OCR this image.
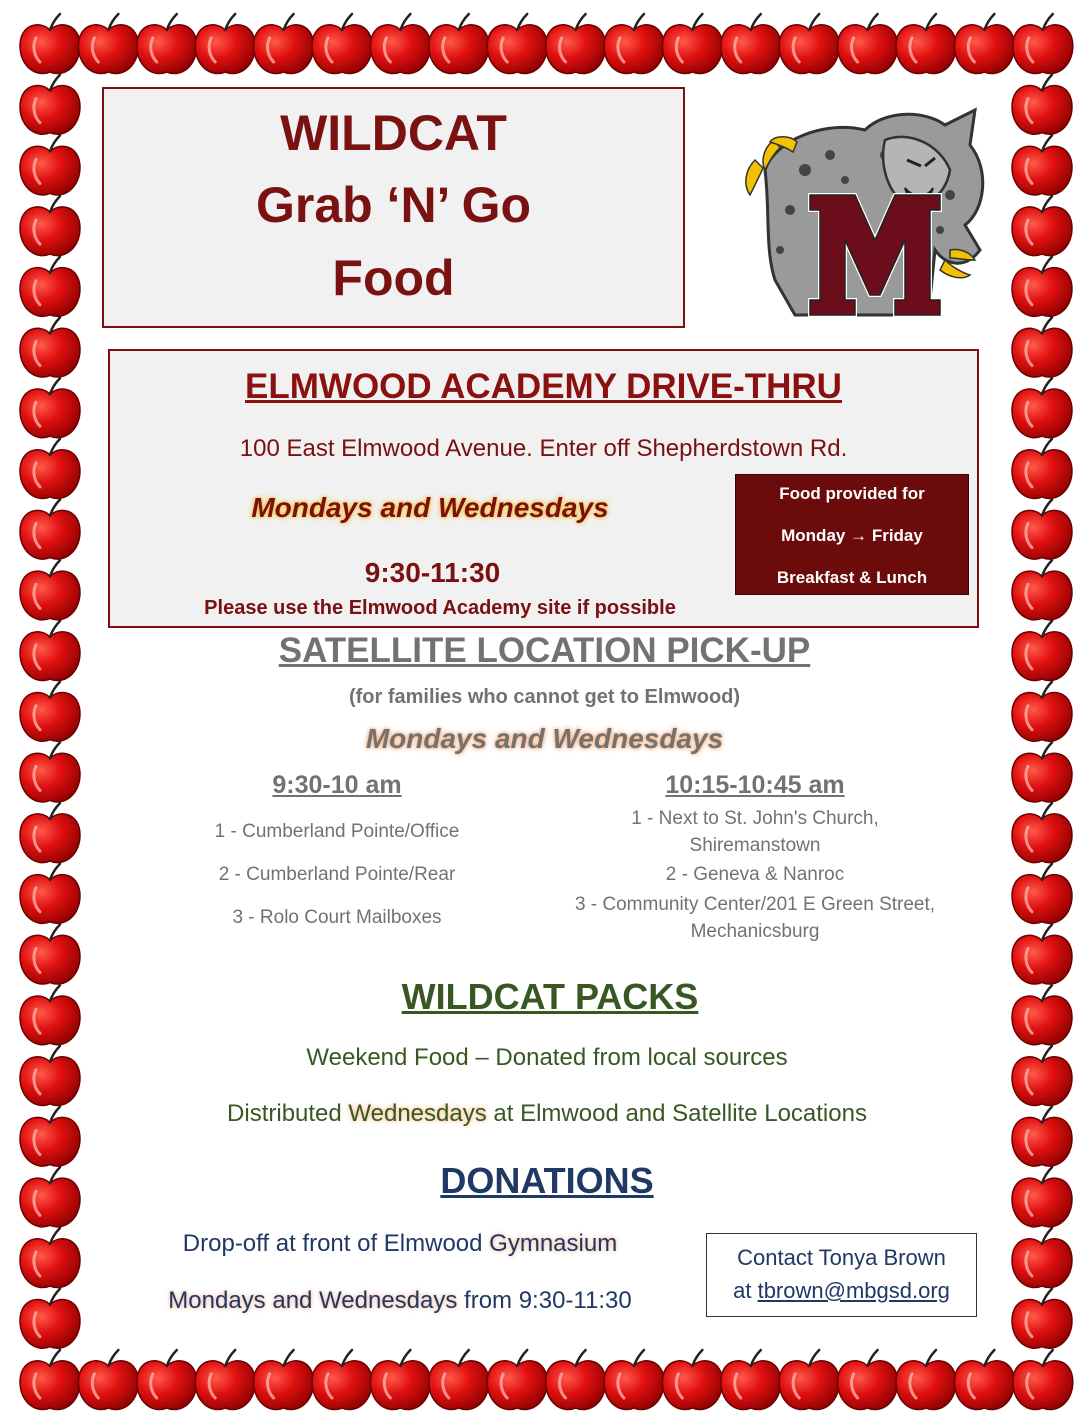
WILDCAT
Grab ‘N’ Go
Food
ELMWOOD ACADEMY DRIVE-THRU
100 East Elmwood Avenue. Enter off Shepherdstown Rd.
Mondays and Wednesdays
9:30-11:30
Please use the Elmwood Academy site if possible
Food provided for
Monday → Friday
Breakfast & Lunch
SATELLITE LOCATION PICK-UP
(for families who cannot get to Elmwood)
Mondays and Wednesdays
9:30-10 am
1 - Cumberland Pointe/Office
2 - Cumberland Pointe/Rear
3 - Rolo Court Mailboxes
10:15-10:45 am
1 - Next to St. John's Church, Shiremanstown
2 - Geneva & Nanroc
3 - Community Center/201 E Green Street, Mechanicsburg
WILDCAT PACKS
Weekend Food – Donated from local sources
Distributed Wednesdays at Elmwood and Satellite Locations
DONATIONS
Drop-off at front of Elmwood Gymnasium
Mondays and Wednesdays from 9:30-11:30
Contact Tonya Brown
at tbrown@mbgsd.org
